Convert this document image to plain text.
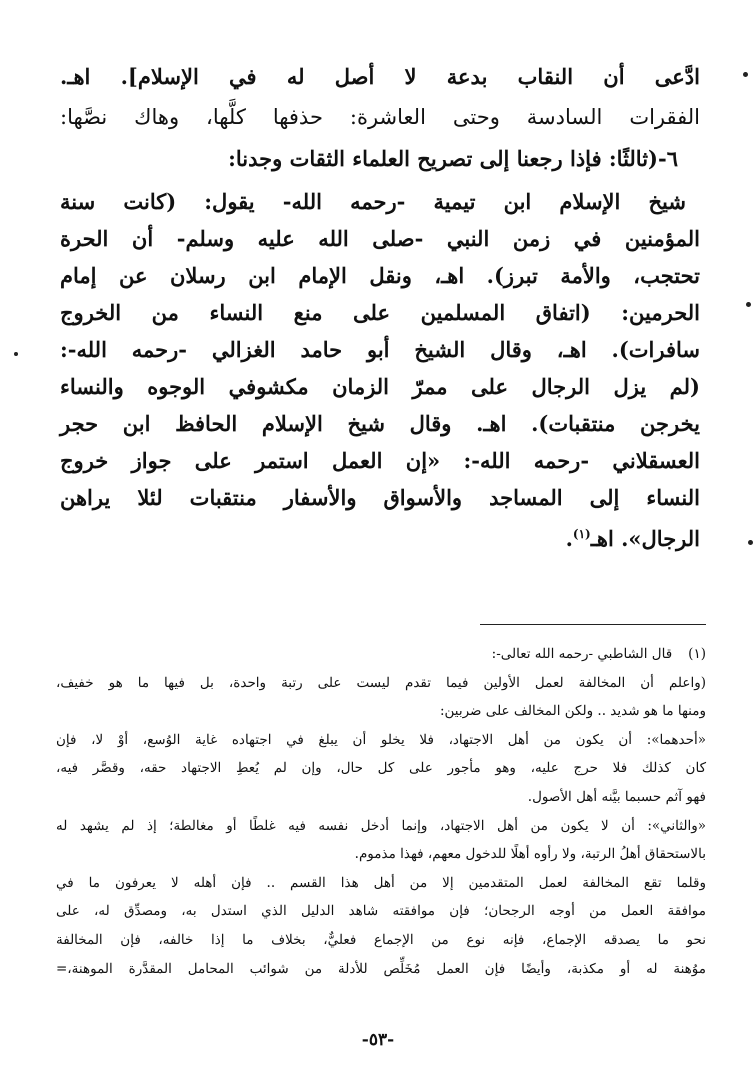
ادَّعى أن النقاب بدعة لا أصل له في الإسلام]. اهـ.
الفقرات السادسة وحتى العاشرة: حذفها كلَّها، وهاك نصَّها:
٦-(ثالثًا: فإذا رجعنا إلى تصريح العلماء الثقات وجدنا:
شيخ الإسلام ابن تيمية -رحمه الله- يقول: (كانت سنة
المؤمنين في زمن النبي -صلى الله عليه وسلم- أن الحرة
تحتجب، والأمة تبرز). اهـ، ونقل الإمام ابن رسلان عن إمام
الحرمين: (اتفاق المسلمين على منع النساء من الخروج
سافرات). اهـ، وقال الشيخ أبو حامد الغزالي -رحمه الله-:
(لم يزل الرجال على ممرّ الزمان مكشوفي الوجوه والنساء
يخرجن منتقبات). اهـ. وقال شيخ الإسلام الحافظ ابن حجر
العسقلاني -رحمه الله-: «إن العمل استمر على جواز خروج
النساء إلى المساجد والأسواق والأسفار منتقبات لئلا يراهن
الرجال». اهـ$^{(١)}$.
(١)قال الشاطبي -رحمه الله تعالى-:
(واعلم أن المخالفة لعمل الأولين فيما تقدم ليست على رتبة واحدة، بل فيها ما هو خفيف،
ومنها ما هو شديد .. ولكن المخالف على ضربين:
«أحدهما»: أن يكون من أهل الاجتهاد، فلا يخلو أن يبلغ في اجتهاده غاية الوُسع، أوْ لا، فإن
كان كذلك فلا حرج عليه، وهو مأجور على كل حال، وإن لم يُعطِ الاجتهاد حقه، وقصَّر فيه،
فهو آثم حسبما بيَّنه أهل الأصول.
«والثاني»: أن لا يكون من أهل الاجتهاد، وإنما أدخل نفسه فيه غلطًا أو مغالطة؛ إذ لم يشهد له
بالاستحقاق أهلُ الرتبة، ولا رأوه أهلًا للدخول معهم، فهذا مذموم.
وقلما تقع المخالفة لعمل المتقدمين إلا من أهل هذا القسم .. فإن أهله لا يعرفون ما في
موافقة العمل من أوجه الرجحان؛ فإن موافقته شاهد الدليل الذي استدل به، ومصدِّق له، على
نحو ما يصدقه الإجماع، فإنه نوع من الإجماع فعليٌّ، بخلاف ما إذا خالفه، فإن المخالفة
موُهنة له أو مكذبة، وأيضًا فإن العمل مُخَلِّص للأدلة من شوائب المحامل المقدَّرة الموهنة،=
-٥٣-
